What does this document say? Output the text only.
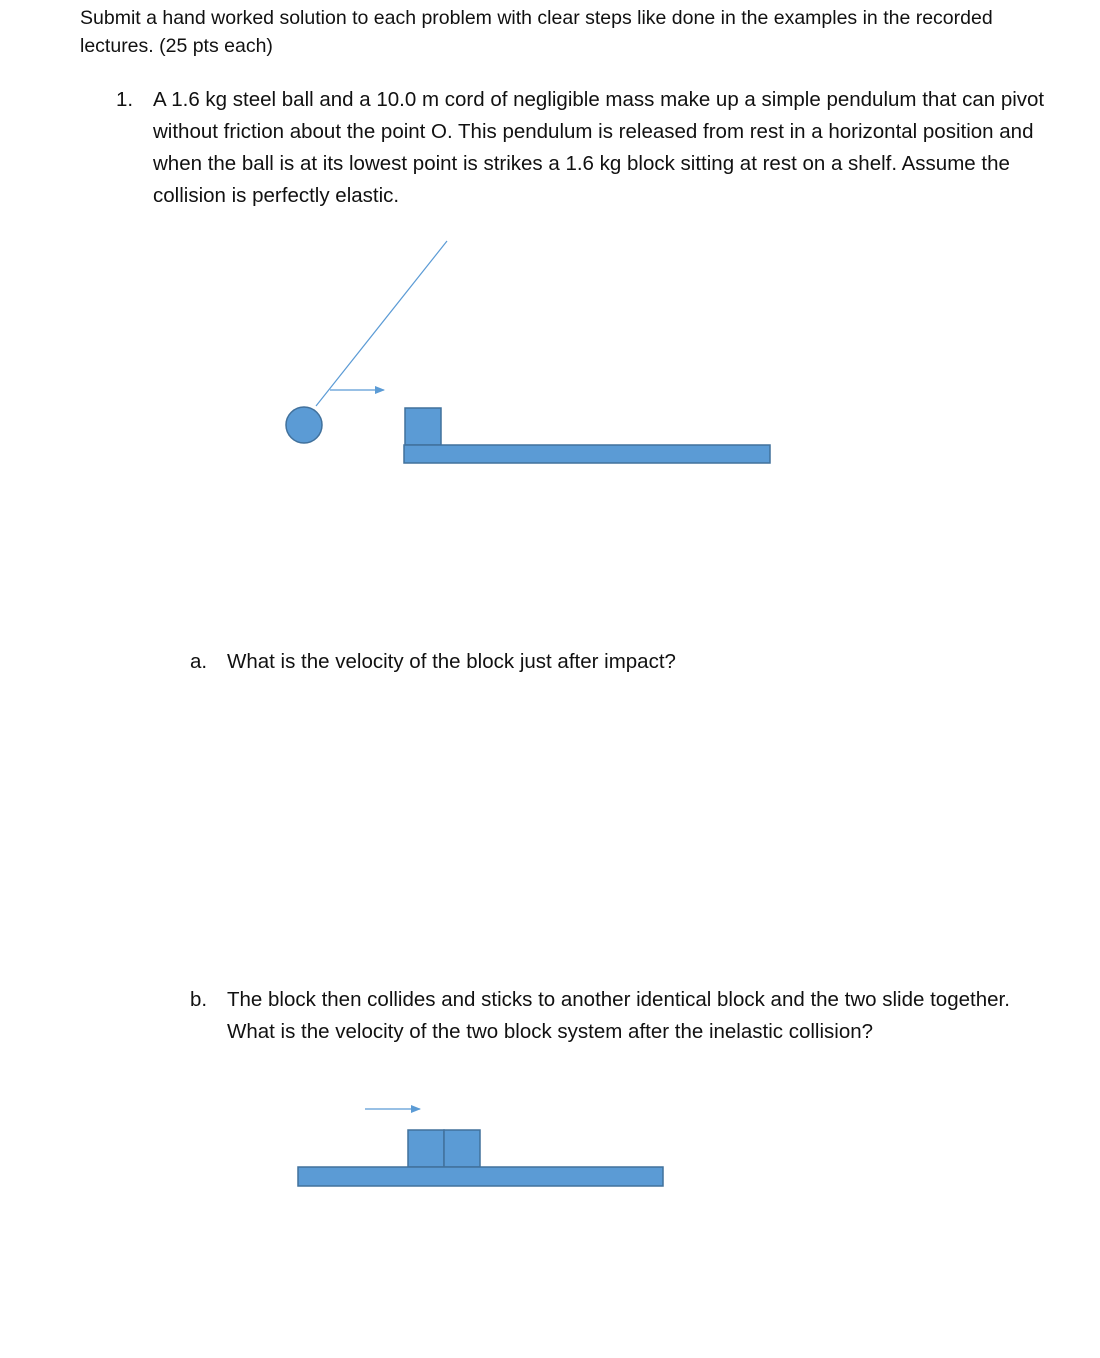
Submit a hand worked solution to each problem with clear steps like done in the examples in the recorded lectures. (25 pts each)

1. A 1.6 kg steel ball and a 10.0 m cord of negligible mass make up a simple pendulum that can pivot without friction about the point O. This pendulum is released from rest in a horizontal position and when the ball is at its lowest point is strikes a 1.6 kg block sitting at rest on a shelf. Assume the collision is perfectly elastic.
a. What is the velocity of the block just after impact?
b. The block then collides and sticks to another identical block and the two slide together. What is the velocity of the two block system after the inelastic collision?
